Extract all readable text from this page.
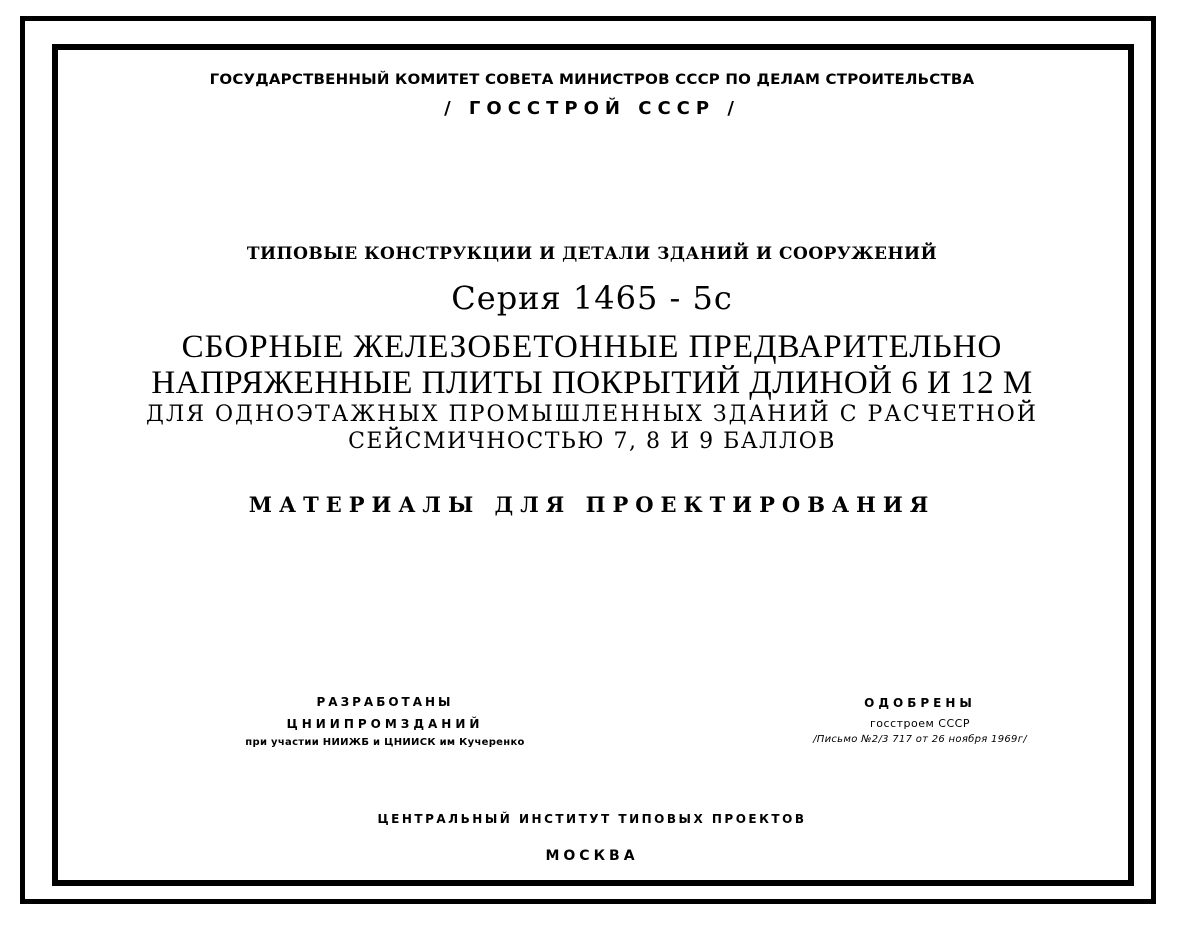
ГОСУДАРСТВЕННЫЙ КОМИТЕТ СОВЕТА МИНИСТРОВ СССР ПО ДЕЛАМ СТРОИТЕЛЬСТВА
/ ГОССТРОЙ СССР /
ТИПОВЫЕ КОНСТРУКЦИИ И ДЕТАЛИ ЗДАНИЙ И СООРУЖЕНИЙ
Серия 1465 - 5с
СБОРНЫЕ ЖЕЛЕЗОБЕТОННЫЕ ПРЕДВАРИТЕЛЬНО
НАПРЯЖЕННЫЕ ПЛИТЫ ПОКРЫТИЙ ДЛИНОЙ 6 И 12 М
ДЛЯ ОДНОЭТАЖНЫХ ПРОМЫШЛЕННЫХ ЗДАНИЙ С РАСЧЕТНОЙ
СЕЙСМИЧНОСТЬЮ 7, 8 И 9 БАЛЛОВ
МАТЕРИАЛЫ ДЛЯ ПРОЕКТИРОВАНИЯ
РАЗРАБОТАНЫ
ЦНИИПРОМЗДАНИЙ
при участии НИИЖБ и ЦНИИСК им Кучеренко
ОДОБРЕНЫ
госстроем СССР
/Письмо №2/3 717 от 26 ноября 1969г/
ЦЕНТРАЛЬНЫЙ ИНСТИТУТ ТИПОВЫХ ПРОЕКТОВ
МОСКВА
